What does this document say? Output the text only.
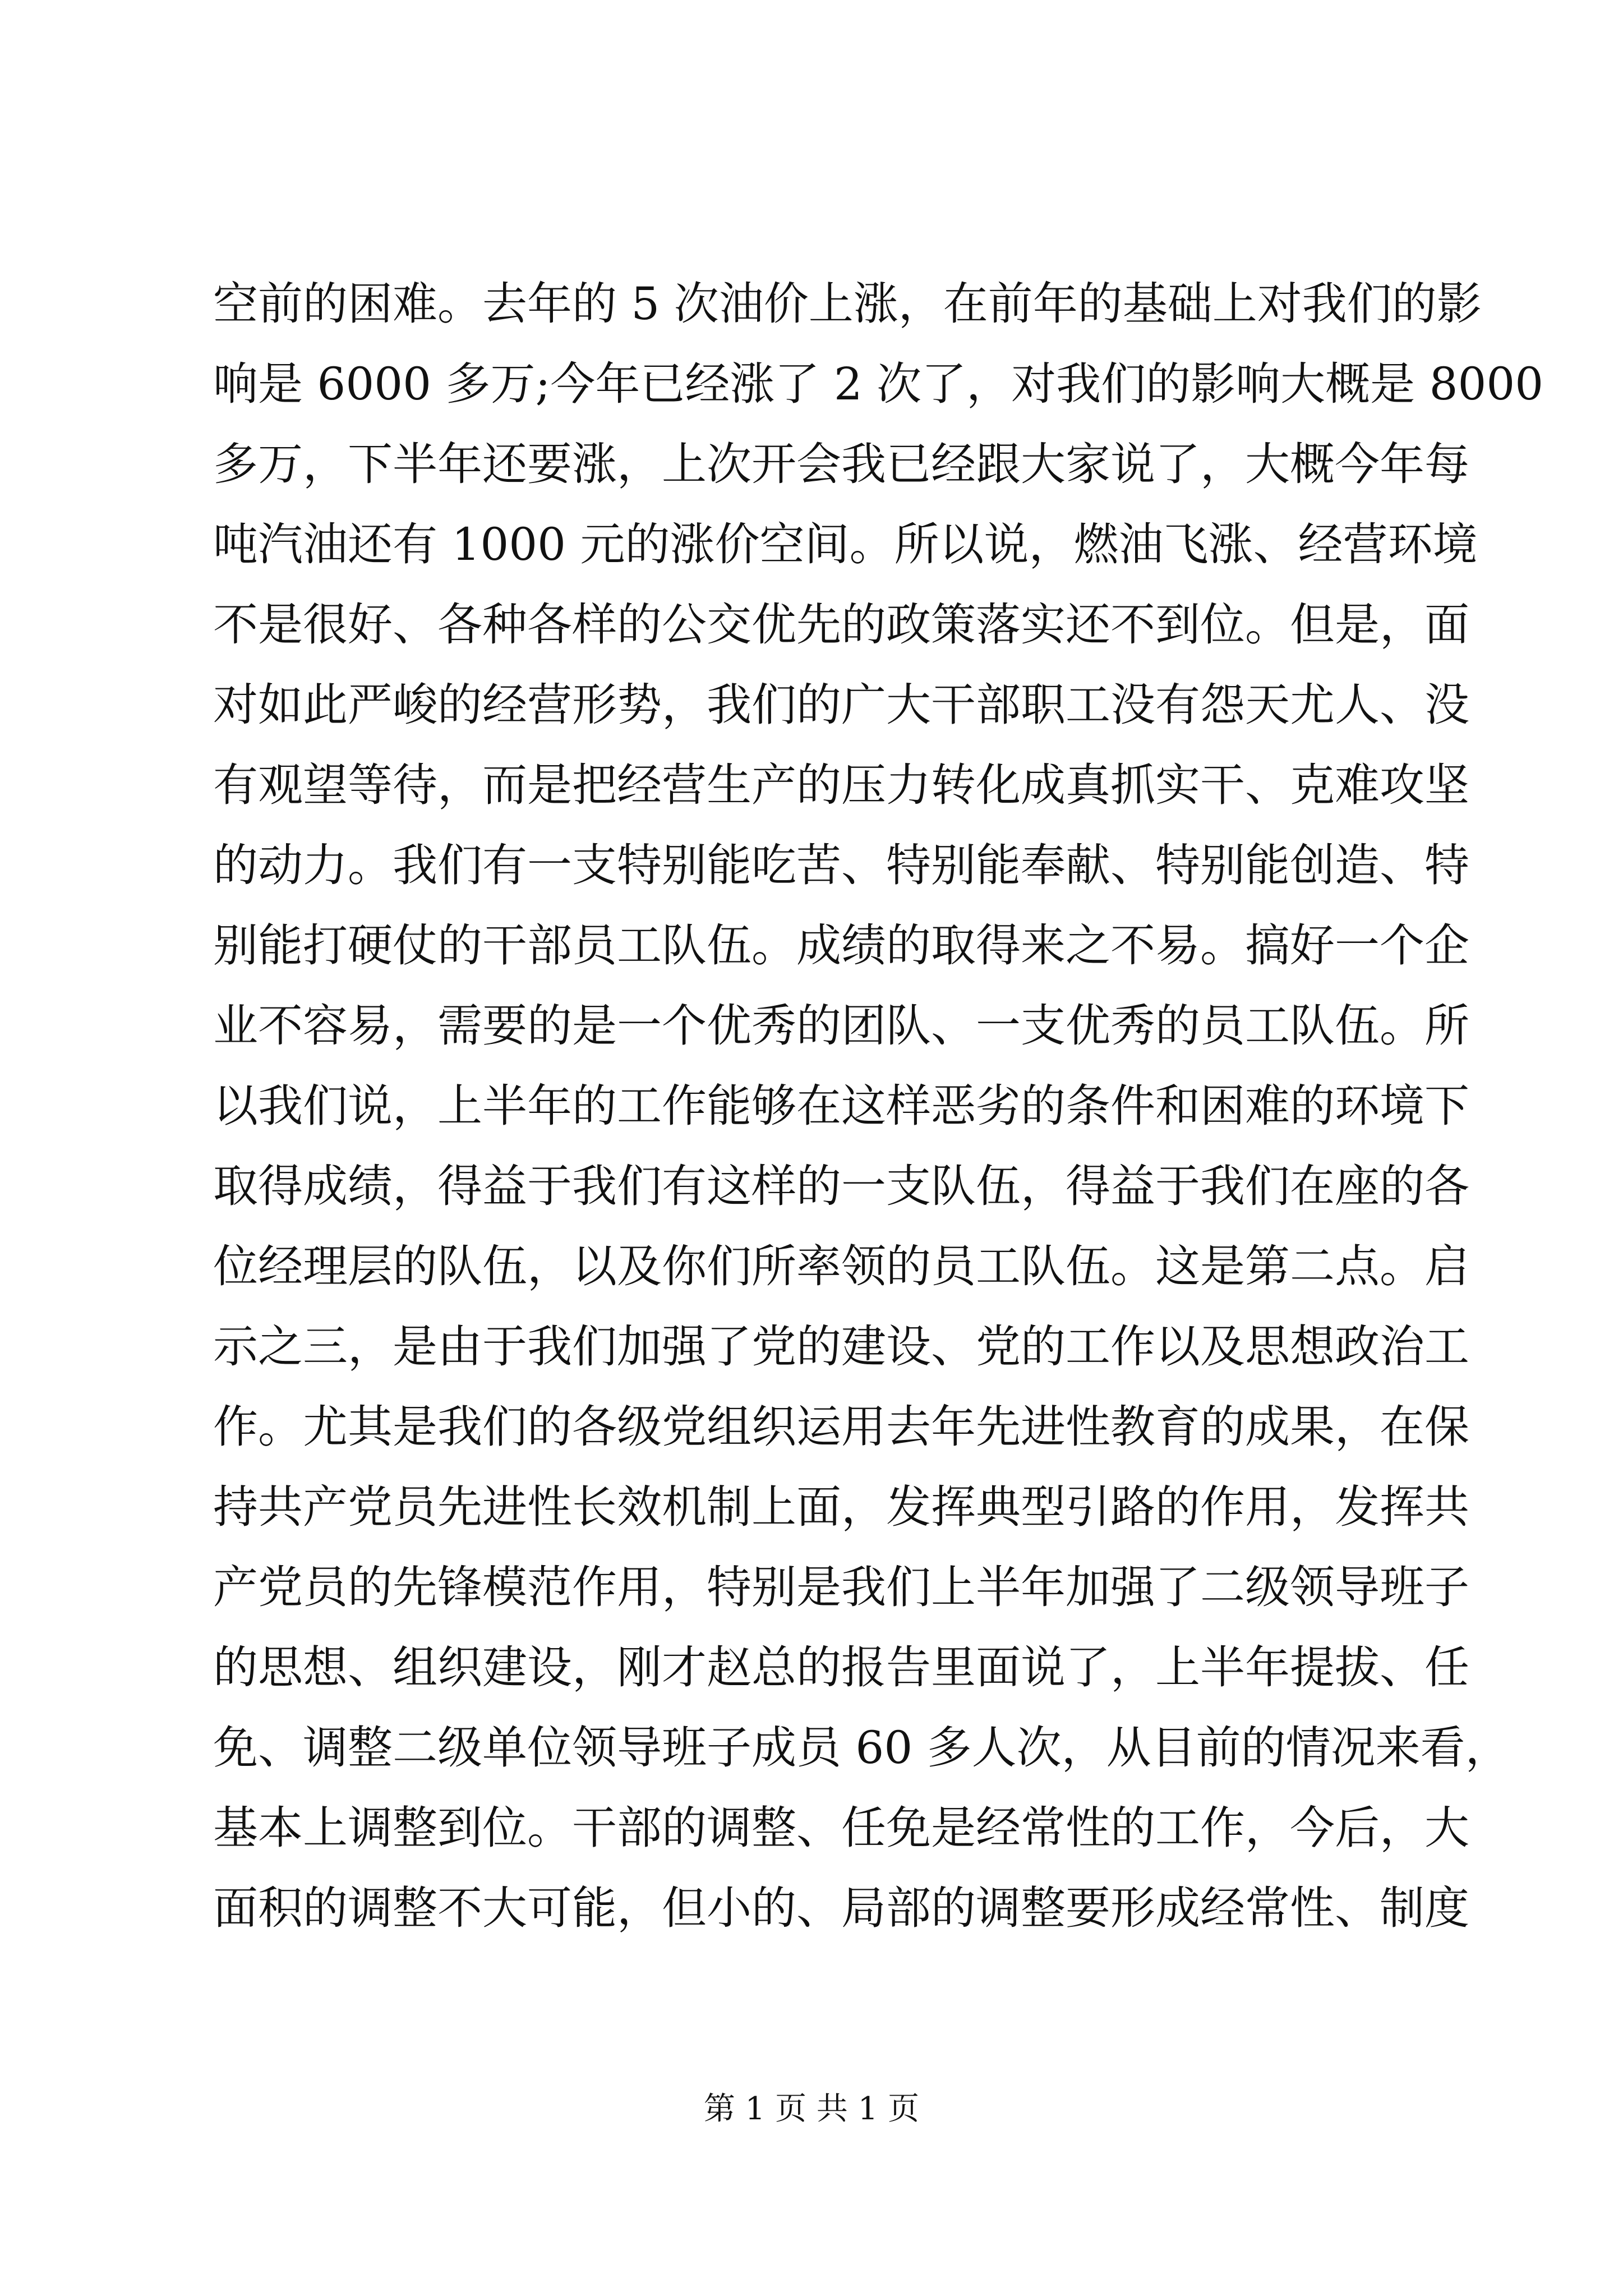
空前的困难。去年的 5 次油价上涨，在前年的基础上对我们的影
响是 6000 多万;今年已经涨了 2 次了，对我们的影响大概是 8000
多万，下半年还要涨，上次开会我已经跟大家说了，大概今年每
吨汽油还有 1000 元的涨价空间。所以说，燃油飞涨、经营环境
不是很好、各种各样的公交优先的政策落实还不到位。但是，面
对如此严峻的经营形势，我们的广大干部职工没有怨天尤人、没
有观望等待，而是把经营生产的压力转化成真抓实干、克难攻坚
的动力。我们有一支特别能吃苦、特别能奉献、特别能创造、特
别能打硬仗的干部员工队伍。成绩的取得来之不易。搞好一个企
业不容易，需要的是一个优秀的团队、一支优秀的员工队伍。所
以我们说，上半年的工作能够在这样恶劣的条件和困难的环境下
取得成绩，得益于我们有这样的一支队伍，得益于我们在座的各
位经理层的队伍，以及你们所率领的员工队伍。这是第二点。启
示之三，是由于我们加强了党的建设、党的工作以及思想政治工
作。尤其是我们的各级党组织运用去年先进性教育的成果，在保
持共产党员先进性长效机制上面，发挥典型引路的作用，发挥共
产党员的先锋模范作用，特别是我们上半年加强了二级领导班子
的思想、组织建设，刚才赵总的报告里面说了，上半年提拔、任
免、调整二级单位领导班子成员 60 多人次，从目前的情况来看，
基本上调整到位。干部的调整、任免是经常性的工作，今后，大
面积的调整不大可能，但小的、局部的调整要形成经常性、制度
第 1 页 共 1 页
